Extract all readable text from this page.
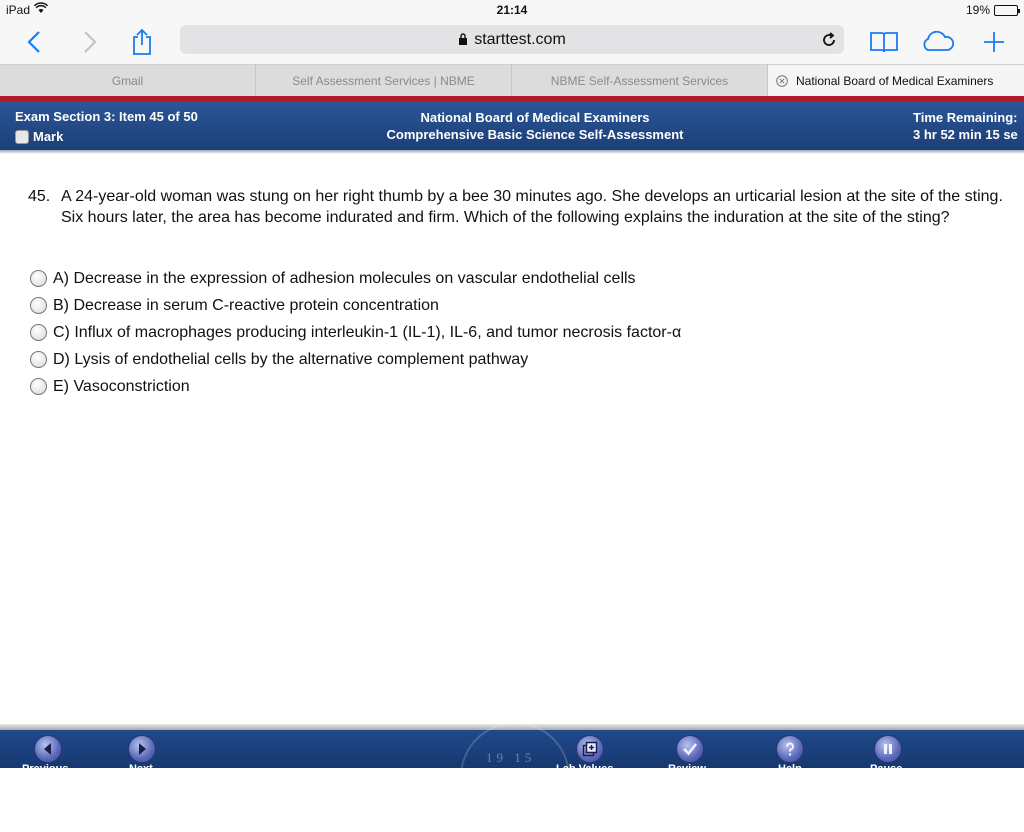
iPad	21:14	19%
starttest.com
Gmail	Self Assessment Services | NBME	NBME Self-Assessment Services	National Board of Medical Examiners
Exam Section 3: Item 45 of 50
Mark
National Board of Medical Examiners
Comprehensive Basic Science Self-Assessment
Time Remaining:
3 hr 52 min 15 se
45. A 24-year-old woman was stung on her right thumb by a bee 30 minutes ago. She develops an urticarial lesion at the site of the sting. Six hours later, the area has become indurated and firm. Which of the following explains the induration at the site of the sting?
A) Decrease in the expression of adhesion molecules on vascular endothelial cells
B) Decrease in serum C-reactive protein concentration
C) Influx of macrophages producing interleukin-1 (IL-1), IL-6, and tumor necrosis factor-α
D) Lysis of endothelial cells by the alternative complement pathway
E) Vasoconstriction
19 15
Previous	Next	Lab Values	Review	Help	Pause
